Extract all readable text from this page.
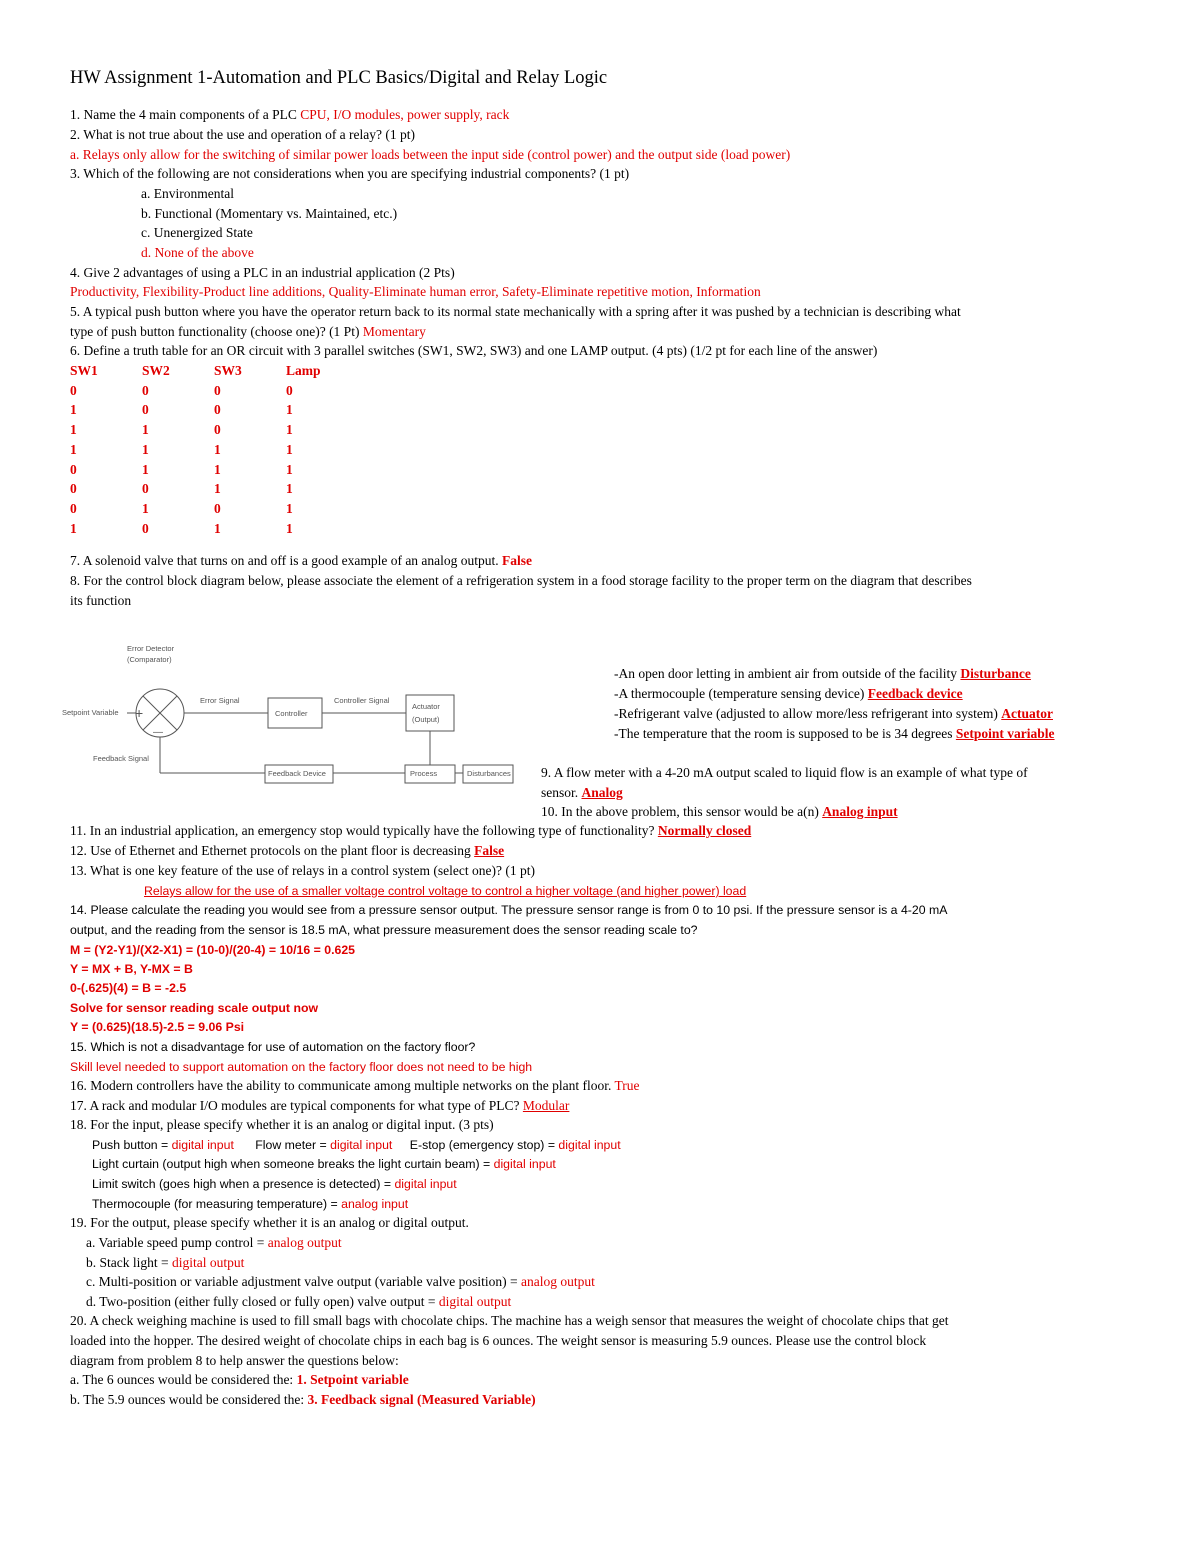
HW Assignment 1-Automation and PLC Basics/Digital and Relay Logic
1. Name the 4 main components of a PLC CPU, I/O modules, power supply, rack
2. What is not true about the use and operation of a relay? (1 pt)
a. Relays only allow for the switching of similar power loads between the input side (control power) and the output side (load power)
3. Which of the following are not considerations when you are specifying industrial components? (1 pt)
a. Environmental
b. Functional (Momentary vs. Maintained, etc.)
c. Unenergized State
d. None of the above
4. Give 2 advantages of using a PLC in an industrial application (2 Pts)
Productivity, Flexibility-Product line additions, Quality-Eliminate human error, Safety-Eliminate repetitive motion, Information
5. A typical push button where you have the operator return back to its normal state mechanically with a spring after it was pushed by a technician is describing what
type of push button functionality (choose one)? (1 Pt) Momentary
6. Define a truth table for an OR circuit with 3 parallel switches (SW1, SW2, SW3) and one LAMP output. (4 pts) (1/2 pt for each line of the answer)
SW1	SW2	SW3	Lamp
0	0	0	0
1	0	0	1
1	1	0	1
1	1	1	1
0	1	1	1
0	0	1	1
0	1	0	1
1	0	1	1
7. A solenoid valve that turns on and off is a good example of an analog output. False
8. For the control block diagram below, please associate the element of a refrigeration system in a food storage facility to the proper term on the diagram that describes
its function
Error Detector
(Comparator)
Setpoint Variable
Error Signal
Controller
Controller Signal
Actuator
(Output)
Feedback Signal
Feedback Device	Process	Disturbances
+
—
-An open door letting in ambient air from outside of the facility Disturbance
-A thermocouple (temperature sensing device) Feedback device
-Refrigerant valve (adjusted to allow more/less refrigerant into system) Actuator
-The temperature that the room is supposed to be is 34 degrees Setpoint variable
9. A flow meter with a 4-20 mA output scaled to liquid flow is an example of what type of
sensor. Analog
10. In the above problem, this sensor would be a(n) Analog input
11. In an industrial application, an emergency stop would typically have the following type of functionality? Normally closed
12. Use of Ethernet and Ethernet protocols on the plant floor is decreasing False
13. What is one key feature of the use of relays in a control system (select one)? (1 pt)
Relays allow for the use of a smaller voltage control voltage to control a higher voltage (and higher power) load
14. Please calculate the reading you would see from a pressure sensor output. The pressure sensor range is from 0 to 10 psi. If the pressure sensor is a 4-20 mA
output, and the reading from the sensor is 18.5 mA, what pressure measurement does the sensor reading scale to?
M = (Y2-Y1)/(X2-X1) = (10-0)/(20-4) = 10/16 = 0.625
Y = MX + B, Y-MX = B
0-(.625)(4) = B = -2.5
Solve for sensor reading scale output now
Y = (0.625)(18.5)-2.5 = 9.06 Psi
15. Which is not a disadvantage for use of automation on the factory floor?
Skill level needed to support automation on the factory floor does not need to be high
16. Modern controllers have the ability to communicate among multiple networks on the plant floor. True
17. A rack and modular I/O modules are typical components for what type of PLC? Modular
18. For the input, please specify whether it is an analog or digital input. (3 pts)
Push button = digital input Flow meter = digital input E-stop (emergency stop) = digital input
Light curtain (output high when someone breaks the light curtain beam) = digital input
Limit switch (goes high when a presence is detected) = digital input
Thermocouple (for measuring temperature) = analog input
19. For the output, please specify whether it is an analog or digital output.
a. Variable speed pump control = analog output
b. Stack light = digital output
c. Multi-position or variable adjustment valve output (variable valve position) = analog output
d. Two-position (either fully closed or fully open) valve output = digital output
20. A check weighing machine is used to fill small bags with chocolate chips. The machine has a weigh sensor that measures the weight of chocolate chips that get
loaded into the hopper. The desired weight of chocolate chips in each bag is 6 ounces. The weight sensor is measuring 5.9 ounces. Please use the control block
diagram from problem 8 to help answer the questions below:
a. The 6 ounces would be considered the: 1. Setpoint variable
b. The 5.9 ounces would be considered the: 3. Feedback signal (Measured Variable)
